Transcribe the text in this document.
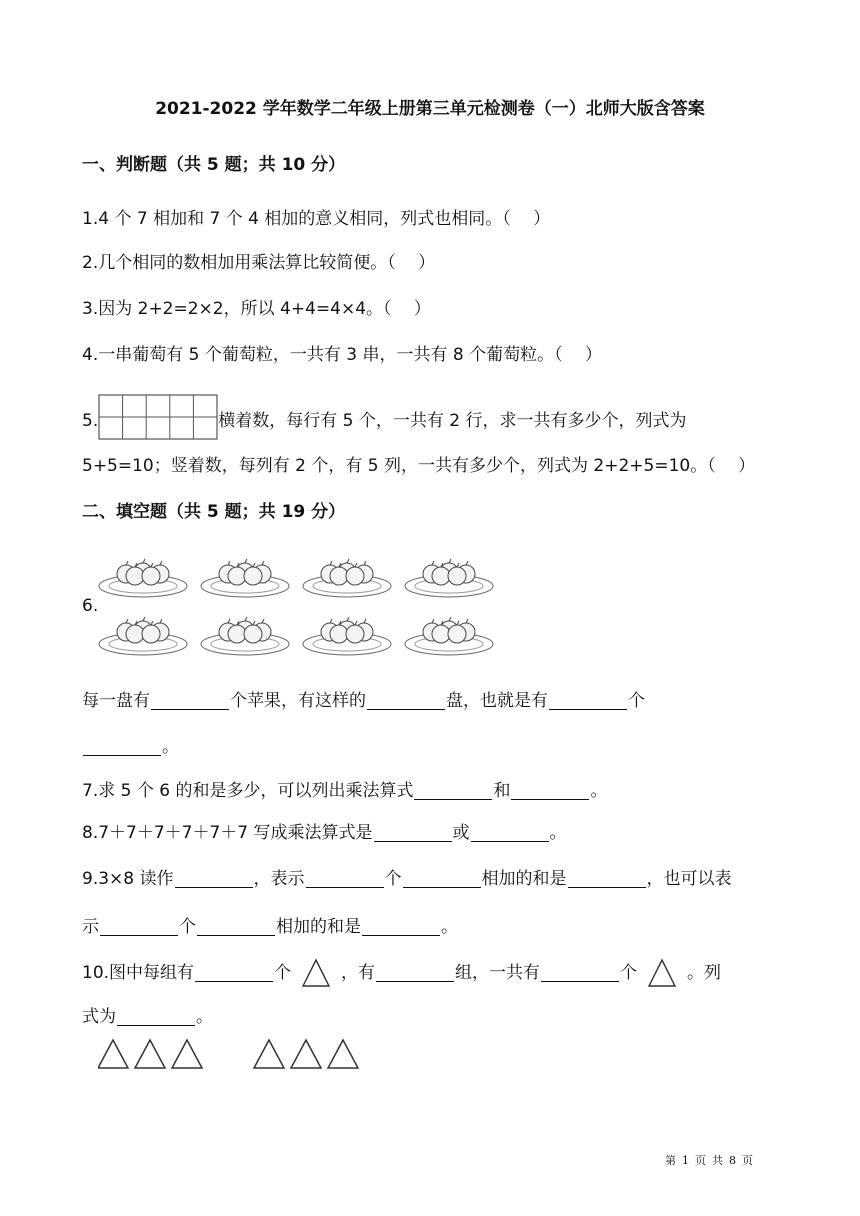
2021-2022 学年数学二年级上册第三单元检测卷（一）北师大版含答案
一、判断题（共 5 题；共 10 分）
1.4 个 7 相加和 7 个 4 相加的意义相同，列式也相同。（　 ）
2.几个相同的数相加用乘法算比较简便。（　 ）
3.因为 2+2=2×2，所以 4+4=4×4。（　 ）
4.一串葡萄有 5 个葡萄粒，一共有 3 串，一共有 8 个葡萄粒。（　 ）
5.	横着数，每行有 5 个，一共有 2 行，求一共有多少个，列式为
5+5=10；竖着数，每列有 2 个，有 5 列，一共有多少个，列式为 2+2+5=10。（　 ）
二、填空题（共 5 题；共 19 分）
6.
每一盘有	个苹果，有这样的	盘，也就是有	个
。
7.求 5 个 6 的和是多少，可以列出乘法算式	和	。
8.7＋7＋7＋7＋7＋7 写成乘法算式是	或	。
9.3×8 读作	，表示	个	相加的和是	，也可以表
示	个	相加的和是	。
10.图中每组有	个	，有	组，一共有	个	。列
式为	。
第 1 页 共 8 页
